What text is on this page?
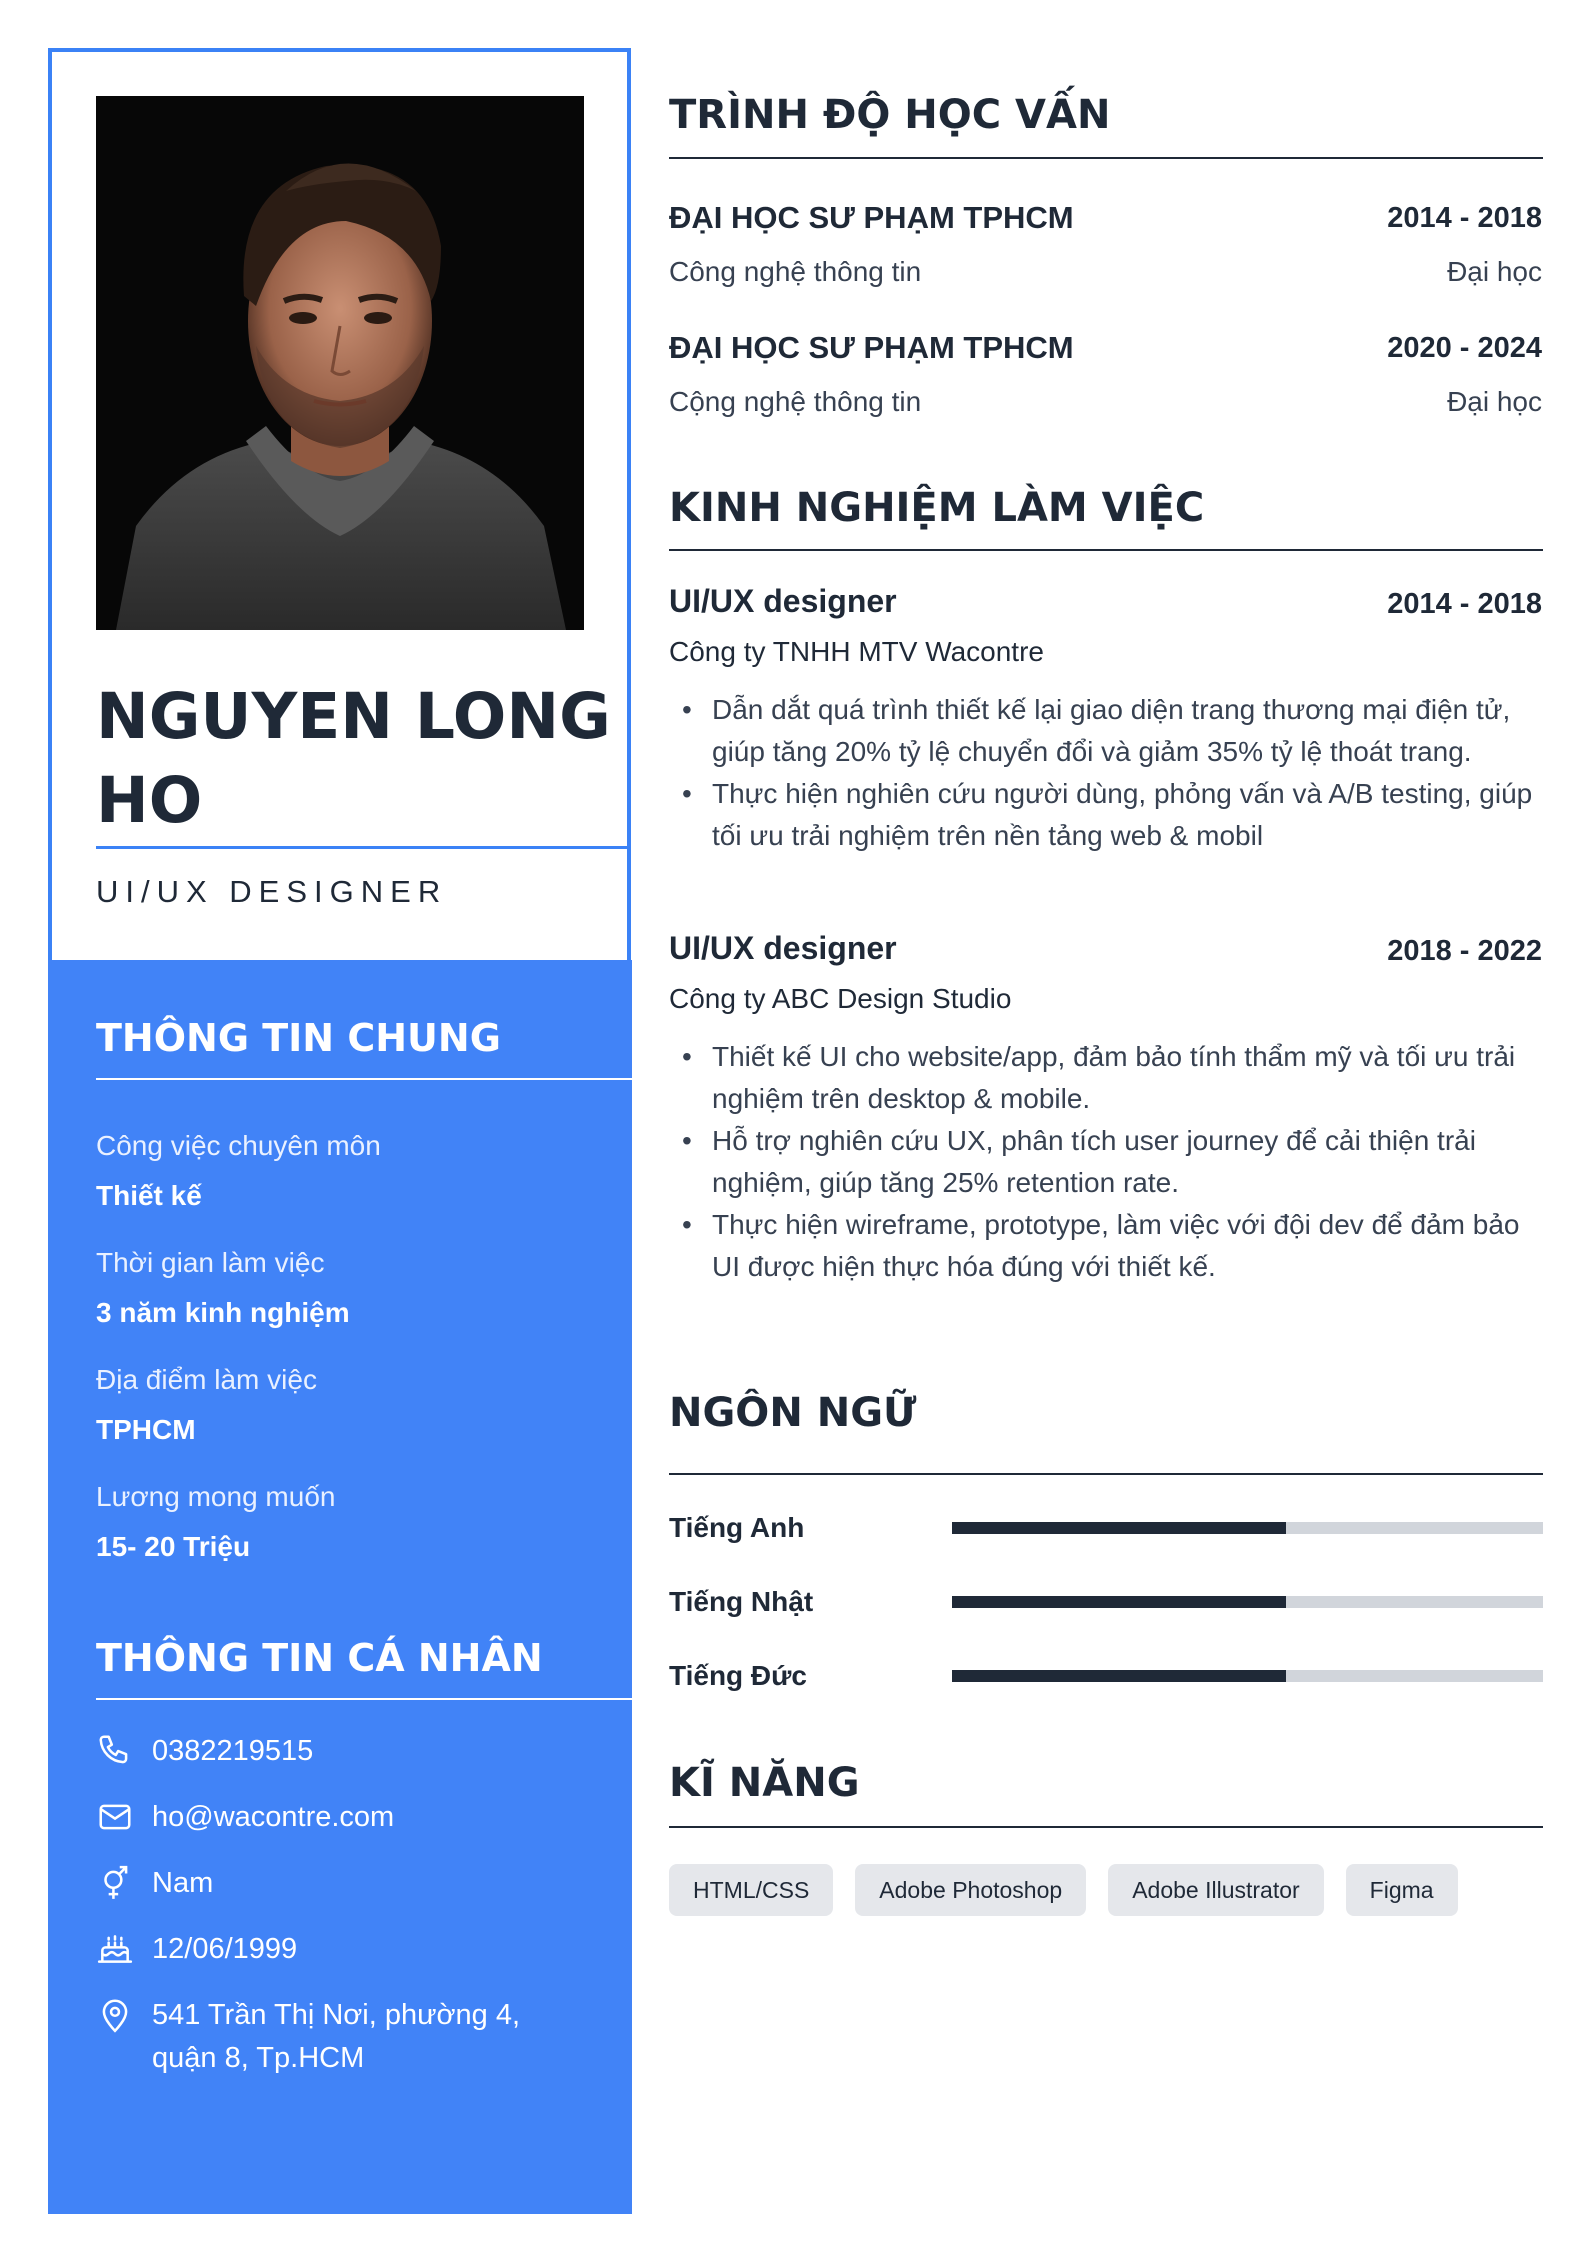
NGUYEN LONG HO
UI/UX DESIGNER
THÔNG TIN CHUNG
Công việc chuyên môn
Thiết kế
Thời gian làm việc
3 năm kinh nghiệm
Địa điểm làm việc
TPHCM
Lương mong muốn
15- 20 Triệu
THÔNG TIN CÁ NHÂN
0382219515
ho@wacontre.com
Nam
12/06/1999
541 Trần Thị Nơi, phường 4, quận 8, Tp.HCM
TRÌNH ĐỘ HỌC VẤN
ĐẠI HỌC SƯ PHẠM TPHCM	2014 - 2018
Công nghệ thông tin	Đại học
ĐẠI HỌC SƯ PHẠM TPHCM	2020 - 2024
Cộng nghệ thông tin	Đại học
KINH NGHIỆM LÀM VIỆC
UI/UX designer	2014 - 2018
Công ty TNHH MTV Wacontre
• Dẫn dắt quá trình thiết kế lại giao diện trang thương mại điện tử, giúp tăng 20% tỷ lệ chuyển đổi và giảm 35% tỷ lệ thoát trang.
• Thực hiện nghiên cứu người dùng, phỏng vấn và A/B testing, giúp tối ưu trải nghiệm trên nền tảng web & mobil
UI/UX designer	2018 - 2022
Công ty ABC Design Studio
• Thiết kế UI cho website/app, đảm bảo tính thẩm mỹ và tối ưu trải nghiệm trên desktop & mobile.
• Hỗ trợ nghiên cứu UX, phân tích user journey để cải thiện trải nghiệm, giúp tăng 25% retention rate.
• Thực hiện wireframe, prototype, làm việc với đội dev để đảm bảo UI được hiện thực hóa đúng với thiết kế.
NGÔN NGỮ
Tiếng Anh
Tiếng Nhật
Tiếng Đức
KĨ NĂNG
HTML/CSS	Adobe Photoshop	Adobe Illustrator	Figma
